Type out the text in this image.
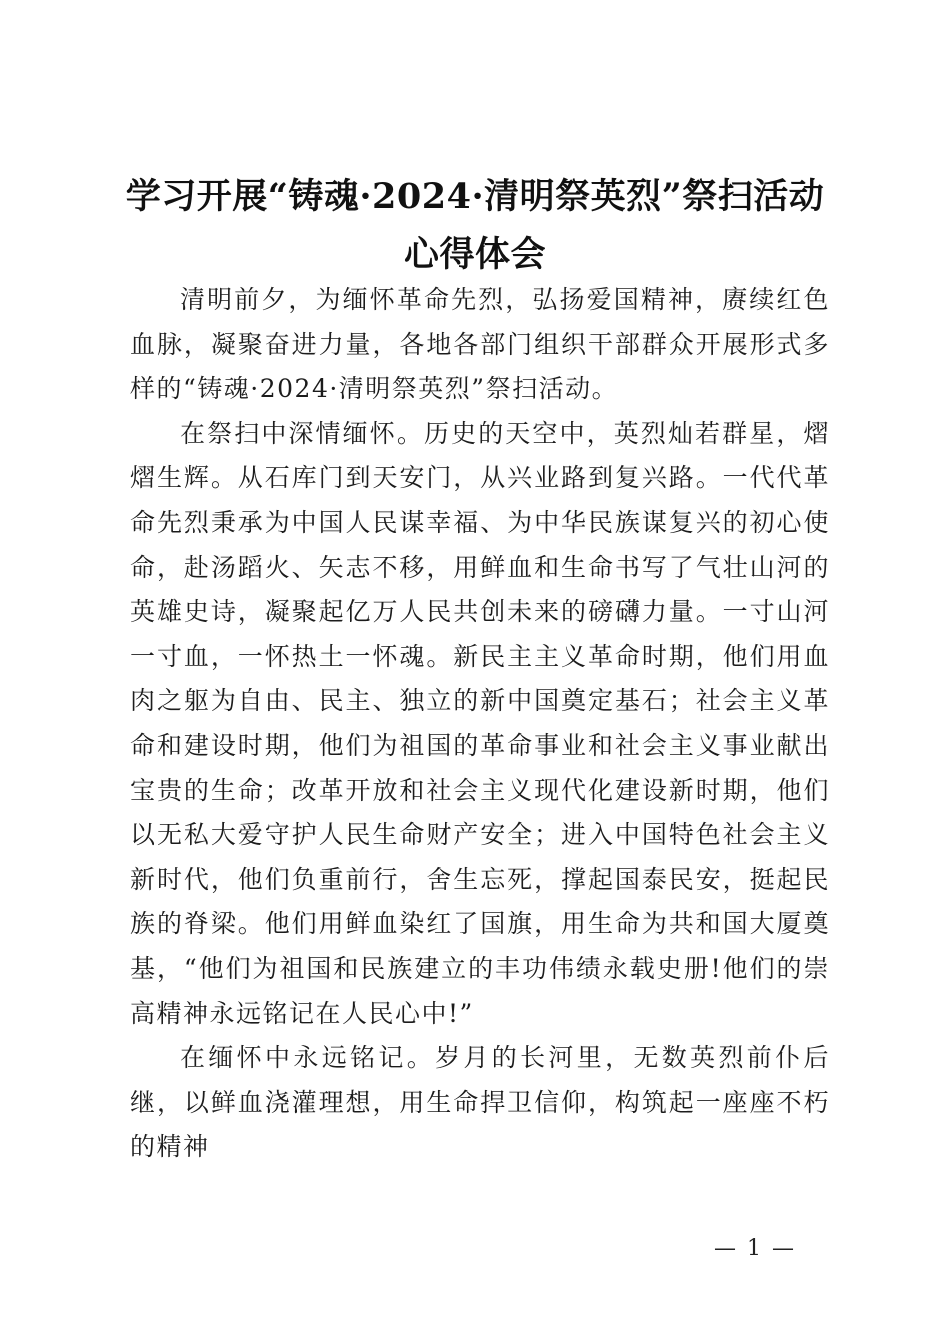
学习开展“铸魂·2024·清明祭英烈”祭扫活动心得体会

清明前夕，为缅怀革命先烈，弘扬爱国精神，赓续红色血脉，凝聚奋进力量，各地各部门组织干部群众开展形式多样的“铸魂·2024·清明祭英烈”祭扫活动。

在祭扫中深情缅怀。历史的天空中，英烈灿若群星，熠熠生辉。从石库门到天安门，从兴业路到复兴路。一代代革命先烈秉承为中国人民谋幸福、为中华民族谋复兴的初心使命，赴汤蹈火、矢志不移，用鲜血和生命书写了气壮山河的英雄史诗，凝聚起亿万人民共创未来的磅礴力量。一寸山河一寸血，一怀热土一怀魂。新民主主义革命时期，他们用血肉之躯为自由、民主、独立的新中国奠定基石；社会主义革命和建设时期，他们为祖国的革命事业和社会主义事业献出宝贵的生命；改革开放和社会主义现代化建设新时期，他们以无私大爱守护人民生命财产安全；进入中国特色社会主义新时代，他们负重前行，舍生忘死，撑起国泰民安，挺起民族的脊梁。他们用鲜血染红了国旗，用生命为共和国大厦奠基，“他们为祖国和民族建立的丰功伟绩永载史册!他们的崇高精神永远铭记在人民心中!”

在缅怀中永远铭记。岁月的长河里，无数英烈前仆后继，以鲜血浇灌理想，用生命捍卫信仰，构筑起一座座不朽的精神

— 1 —
